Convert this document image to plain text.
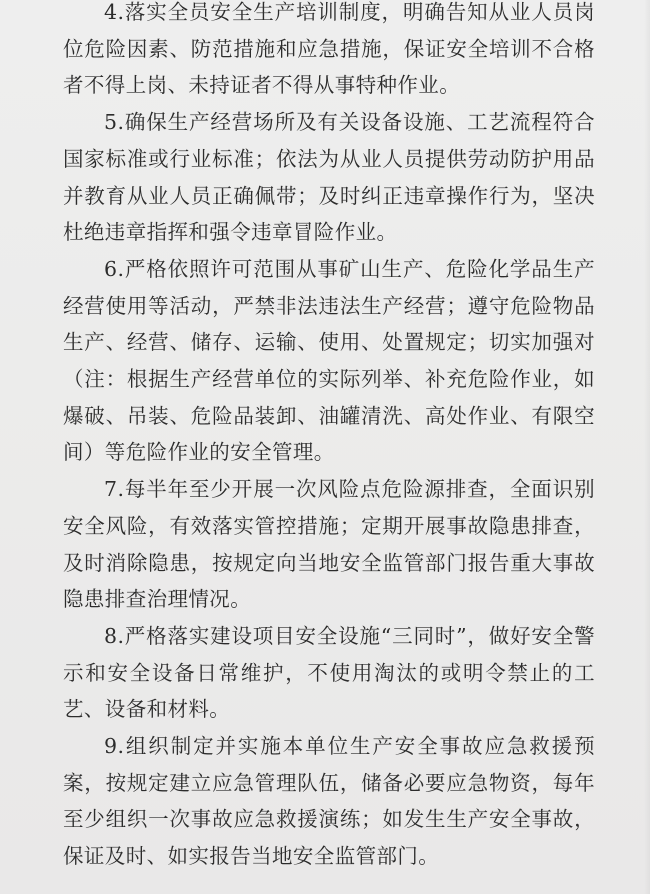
4.落实全员安全生产培训制度，明确告知从业人员岗位危险因素、防范措施和应急措施，保证安全培训不合格者不得上岗、未持证者不得从事特种作业。

5.确保生产经营场所及有关设备设施、工艺流程符合国家标准或行业标准；依法为从业人员提供劳动防护用品并教育从业人员正确佩带；及时纠正违章操作行为，坚决杜绝违章指挥和强令违章冒险作业。

6.严格依照许可范围从事矿山生产、危险化学品生产经营使用等活动，严禁非法违法生产经营；遵守危险物品生产、经营、储存、运输、使用、处置规定；切实加强对（注：根据生产经营单位的实际列举、补充危险作业，如爆破、吊装、危险品装卸、油罐清洗、高处作业、有限空间）等危险作业的安全管理。

7.每半年至少开展一次风险点危险源排查，全面识别安全风险，有效落实管控措施；定期开展事故隐患排查，及时消除隐患，按规定向当地安全监管部门报告重大事故隐患排查治理情况。

8.严格落实建设项目安全设施“三同时”，做好安全警示和安全设备日常维护，不使用淘汰的或明令禁止的工艺、设备和材料。

9.组织制定并实施本单位生产安全事故应急救援预案，按规定建立应急管理队伍，储备必要应急物资，每年至少组织一次事故应急救援演练；如发生生产安全事故，保证及时、如实报告当地安全监管部门。
